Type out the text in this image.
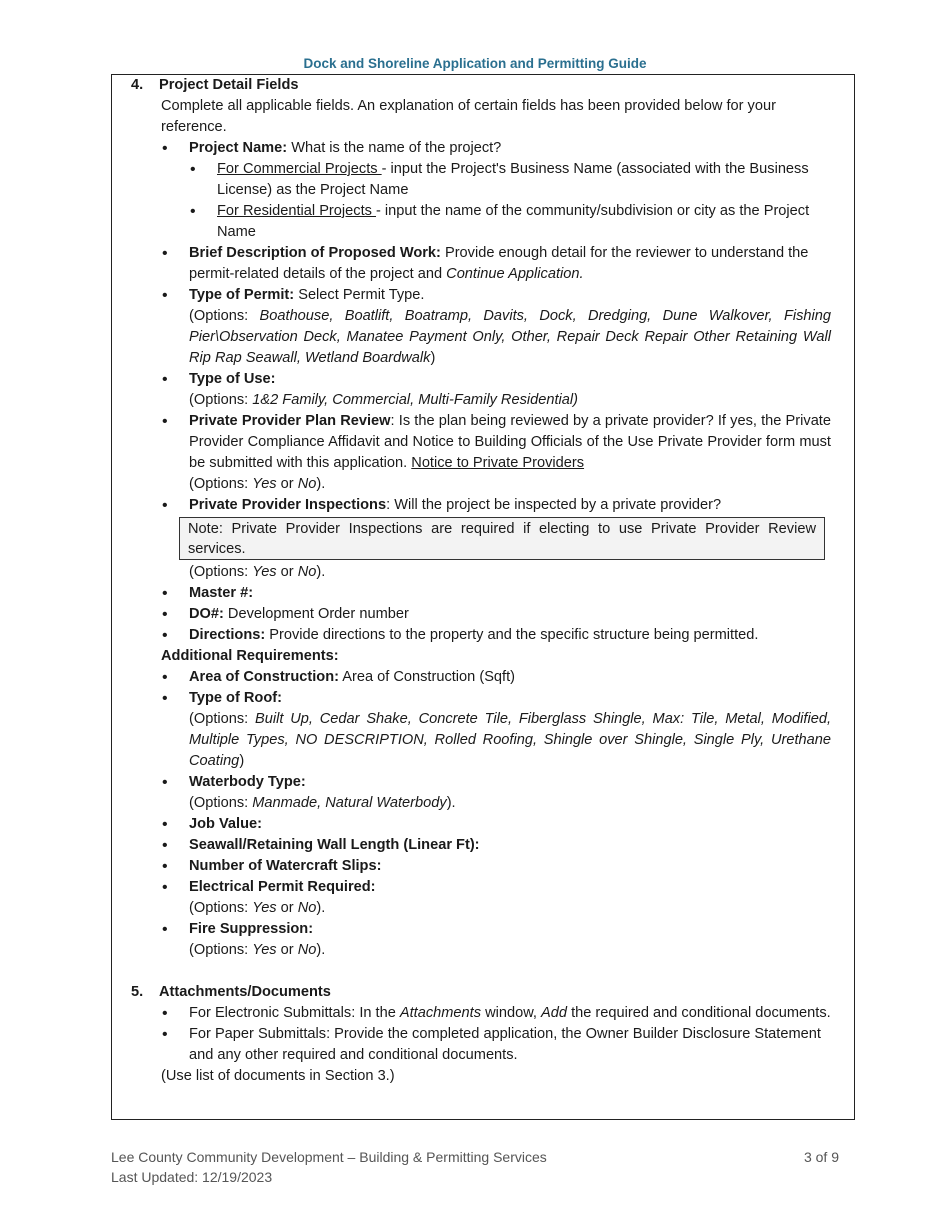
Dock and Shoreline Application and Permitting Guide
4. Project Detail Fields
Complete all applicable fields. An explanation of certain fields has been provided below for your reference.
• Project Name: What is the name of the project?
• For Commercial Projects - input the Project's Business Name (associated with the Business License) as the Project Name
• For Residential Projects - input the name of the community/subdivision or city as the Project Name
• Brief Description of Proposed Work: Provide enough detail for the reviewer to understand the permit-related details of the project and Continue Application.
• Type of Permit: Select Permit Type.
(Options: Boathouse, Boatlift, Boatramp, Davits, Dock, Dredging, Dune Walkover, Fishing Pier\Observation Deck, Manatee Payment Only, Other, Repair Deck Repair Other Retaining Wall Rip Rap Seawall, Wetland Boardwalk)
• Type of Use:
(Options: 1&2 Family, Commercial, Multi-Family Residential)
• Private Provider Plan Review: Is the plan being reviewed by a private provider? If yes, the Private Provider Compliance Affidavit and Notice to Building Officials of the Use Private Provider form must be submitted with this application. Notice to Private Providers
(Options: Yes or No).
• Private Provider Inspections: Will the project be inspected by a private provider?
Note: Private Provider Inspections are required if electing to use Private Provider Review services.
(Options: Yes or No).
• Master #:
• DO#: Development Order number
• Directions: Provide directions to the property and the specific structure being permitted.
Additional Requirements:
• Area of Construction: Area of Construction (Sqft)
• Type of Roof:
(Options: Built Up, Cedar Shake, Concrete Tile, Fiberglass Shingle, Max: Tile, Metal, Modified, Multiple Types, NO DESCRIPTION, Rolled Roofing, Shingle over Shingle, Single Ply, Urethane Coating)
• Waterbody Type:
(Options: Manmade, Natural Waterbody).
• Job Value:
• Seawall/Retaining Wall Length (Linear Ft):
• Number of Watercraft Slips:
• Electrical Permit Required:
(Options: Yes or No).
• Fire Suppression:
(Options: Yes or No).
5. Attachments/Documents
• For Electronic Submittals: In the Attachments window, Add the required and conditional documents.
• For Paper Submittals: Provide the completed application, the Owner Builder Disclosure Statement and any other required and conditional documents.
(Use list of documents in Section 3.)
Lee County Community Development – Building & Permitting Services
Last Updated: 12/19/2023
3 of 9
